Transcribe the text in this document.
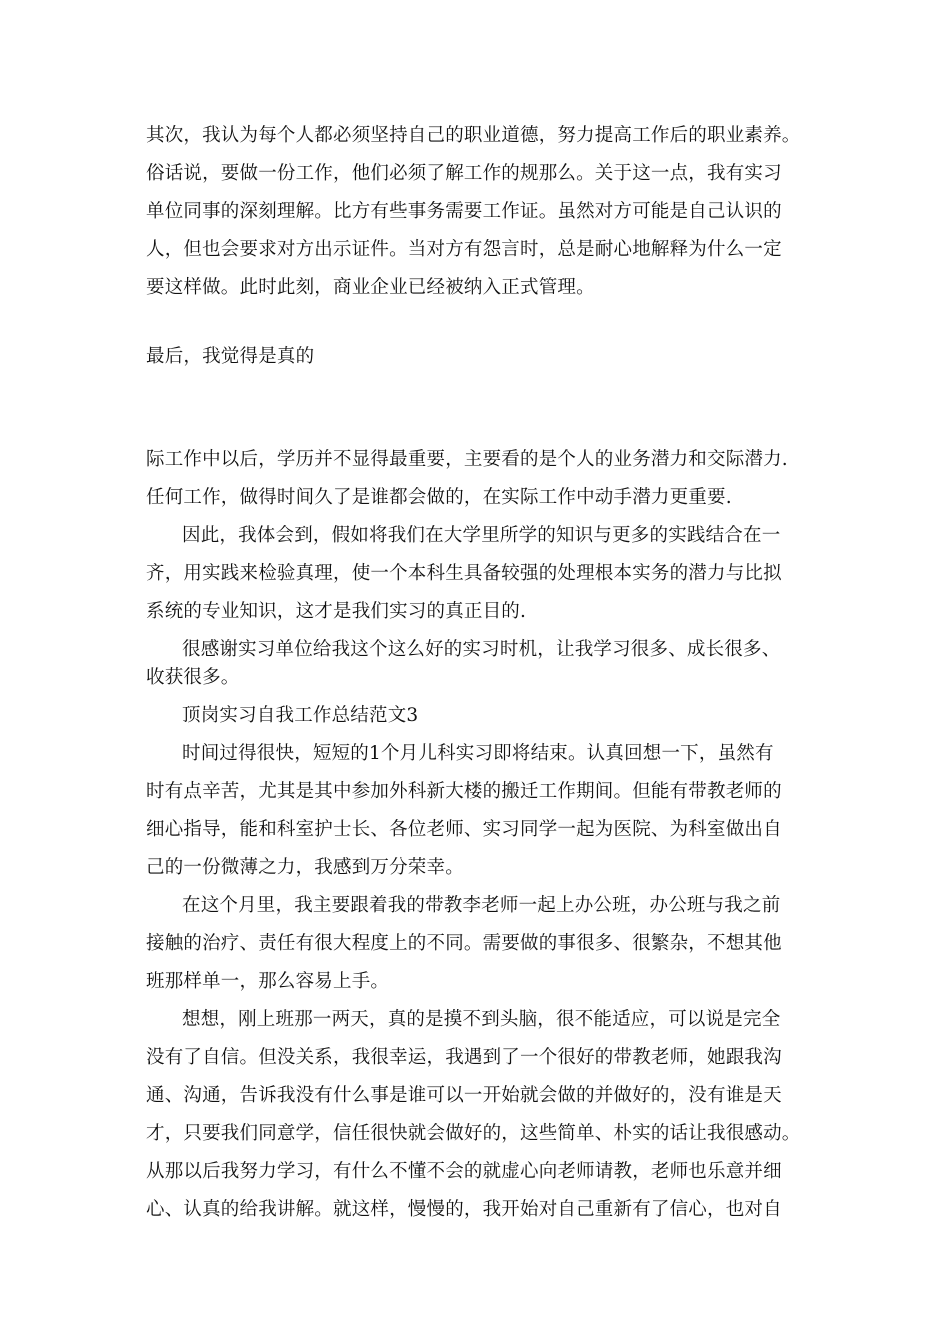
其次，我认为每个人都必须坚持自己的职业道德，努力提高工作后的职业素养。
俗话说，要做一份工作，他们必须了解工作的规那么。关于这一点，我有实习
单位同事的深刻理解。比方有些事务需要工作证。虽然对方可能是自己认识的
人，但也会要求对方出示证件。当对方有怨言时，总是耐心地解释为什么一定
要这样做。此时此刻，商业企业已经被纳入正式管理。
最后，我觉得是真的
际工作中以后，学历并不显得最重要，主要看的是个人的业务潜力和交际潜力.
任何工作，做得时间久了是谁都会做的，在实际工作中动手潜力更重要.
因此，我体会到，假如将我们在大学里所学的知识与更多的实践结合在一
齐，用实践来检验真理，使一个本科生具备较强的处理根本实务的潜力与比拟
系统的专业知识，这才是我们实习的真正目的.
很感谢实习单位给我这个这么好的实习时机，让我学习很多、成长很多、
收获很多。
顶岗实习自我工作总结范文3
时间过得很快，短短的1个月儿科实习即将结束。认真回想一下，虽然有
时有点辛苦，尤其是其中参加外科新大楼的搬迁工作期间。但能有带教老师的
细心指导，能和科室护士长、各位老师、实习同学一起为医院、为科室做出自
己的一份微薄之力，我感到万分荣幸。
在这个月里，我主要跟着我的带教李老师一起上办公班，办公班与我之前
接触的治疗、责任有很大程度上的不同。需要做的事很多、很繁杂，不想其他
班那样单一，那么容易上手。
想想，刚上班那一两天，真的是摸不到头脑，很不能适应，可以说是完全
没有了自信。但没关系，我很幸运，我遇到了一个很好的带教老师，她跟我沟
通、沟通，告诉我没有什么事是谁可以一开始就会做的并做好的，没有谁是天
才，只要我们同意学，信任很快就会做好的，这些简单、朴实的话让我很感动。
从那以后我努力学习，有什么不懂不会的就虚心向老师请教，老师也乐意并细
心、认真的给我讲解。就这样，慢慢的，我开始对自己重新有了信心，也对自
